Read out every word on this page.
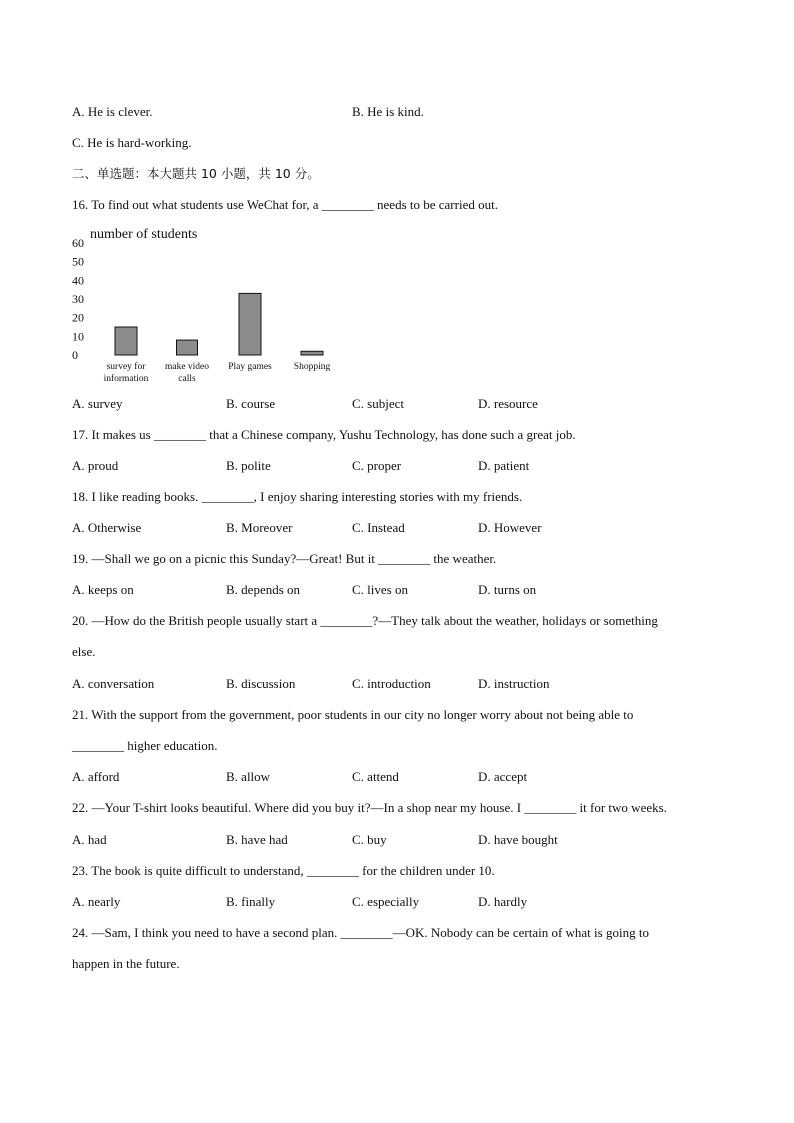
A. He is clever.	B. He is kind.
C. He is hard-working.
二、单选题：本大题共 10 小题，共 10 分。
16. To find out what students use WeChat for, a ________ needs to be carried out.
number of students
0
10
20
30
40
50
60
survey for
information
make video
calls
Play games Shopping
A. survey	B. course	C. subject	D. resource
17. It makes us ________ that a Chinese company, Yushu Technology, has done such a great job.
A. proud	B. polite	C. proper	D. patient
18. I like reading books. ________, I enjoy sharing interesting stories with my friends.
A. Otherwise	B. Moreover	C. Instead	D. However
19. —Shall we go on a picnic this Sunday?—Great! But it ________ the weather.
A. keeps on	B. depends on	C. lives on	D. turns on
20. —How do the British people usually start a ________?—They talk about the weather, holidays or something
else.
A. conversation	B. discussion	C. introduction	D. instruction
21. With the support from the government, poor students in our city no longer worry about not being able to
________ higher education.
A. afford	B. allow	C. attend	D. accept
22. —Your T-shirt looks beautiful. Where did you buy it?—In a shop near my house. I ________ it for two weeks.
A. had	B. have had	C. buy	D. have bought
23. The book is quite difficult to understand, ________ for the children under 10.
A. nearly	B. finally	C. especially	D. hardly
24. —Sam, I think you need to have a second plan. ________—OK. Nobody can be certain of what is going to
happen in the future.
